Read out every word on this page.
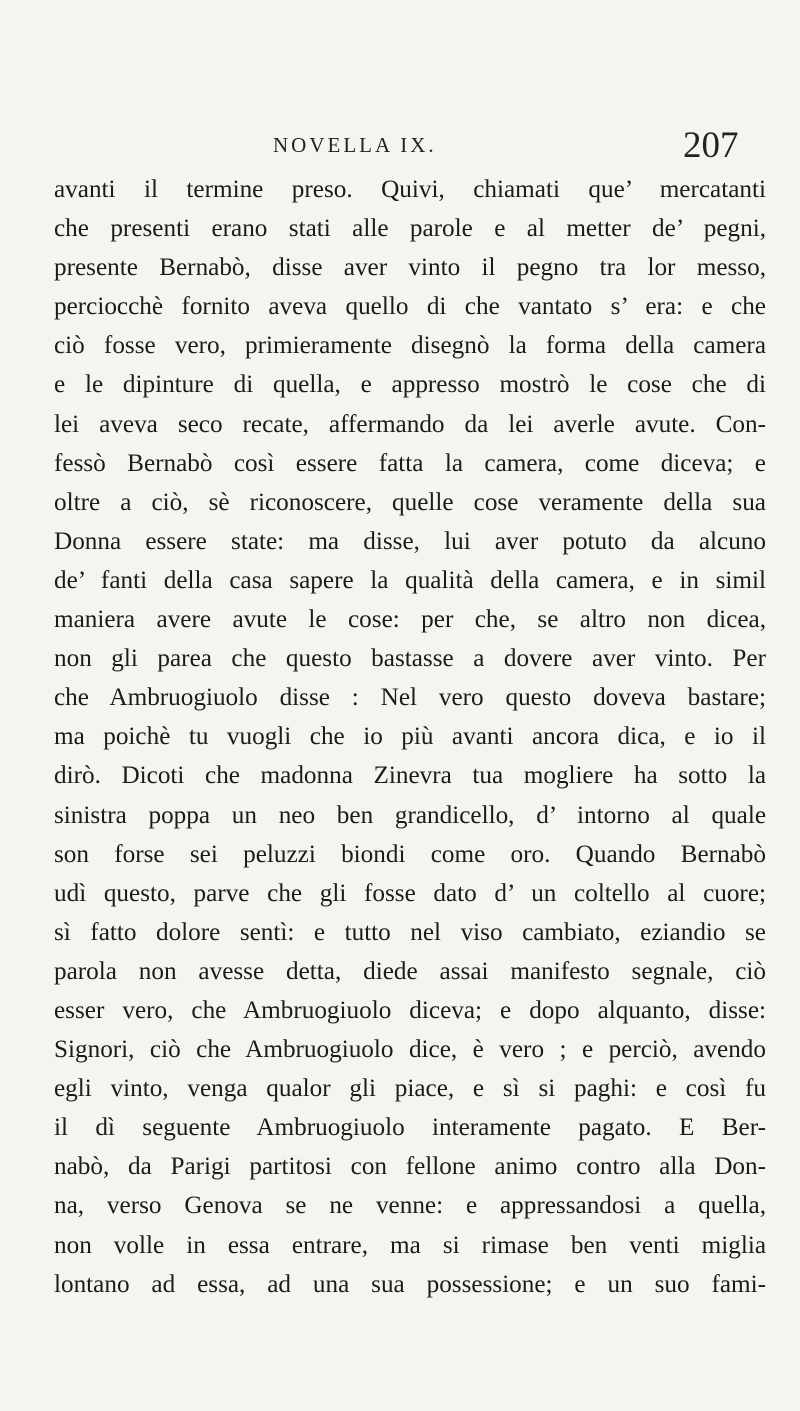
NOVELLA IX.	207
avanti il termine preso. Quivi, chiamati que’ mercatanti
che presenti erano stati alle parole e al metter de’ pegni,
presente Bernabò, disse aver vinto il pegno tra lor messo,
perciocchè fornito aveva quello di che vantato s’ era: e che
ciò fosse vero, primieramente disegnò la forma della camera
e le dipinture di quella, e appresso mostrò le cose che di
lei aveva seco recate, affermando da lei averle avute. Con-
fessò Bernabò così essere fatta la camera, come diceva; e
oltre a ciò, sè riconoscere, quelle cose veramente della sua
Donna essere state: ma disse, lui aver potuto da alcuno
de’ fanti della casa sapere la qualità della camera, e in simil
maniera avere avute le cose: per che, se altro non dicea,
non gli parea che questo bastasse a dovere aver vinto. Per
che Ambruogiuolo disse : Nel vero questo doveva bastare;
ma poichè tu vuogli che io più avanti ancora dica, e io il
dirò. Dicoti che madonna Zinevra tua mogliere ha sotto la
sinistra poppa un neo ben grandicello, d’ intorno al quale
son forse sei peluzzi biondi come oro. Quando Bernabò
udì questo, parve che gli fosse dato d’ un coltello al cuore;
sì fatto dolore sentì: e tutto nel viso cambiato, eziandio se
parola non avesse detta, diede assai manifesto segnale, ciò
esser vero, che Ambruogiuolo diceva; e dopo alquanto, disse:
Signori, ciò che Ambruogiuolo dice, è vero ; e perciò, avendo
egli vinto, venga qualor gli piace, e sì si paghi: e così fu
il dì seguente Ambruogiuolo interamente pagato. E Ber-
nabò, da Parigi partitosi con fellone animo contro alla Don-
na, verso Genova se ne venne: e appressandosi a quella,
non volle in essa entrare, ma si rimase ben venti miglia
lontano ad essa, ad una sua possessione; e un suo fami-
